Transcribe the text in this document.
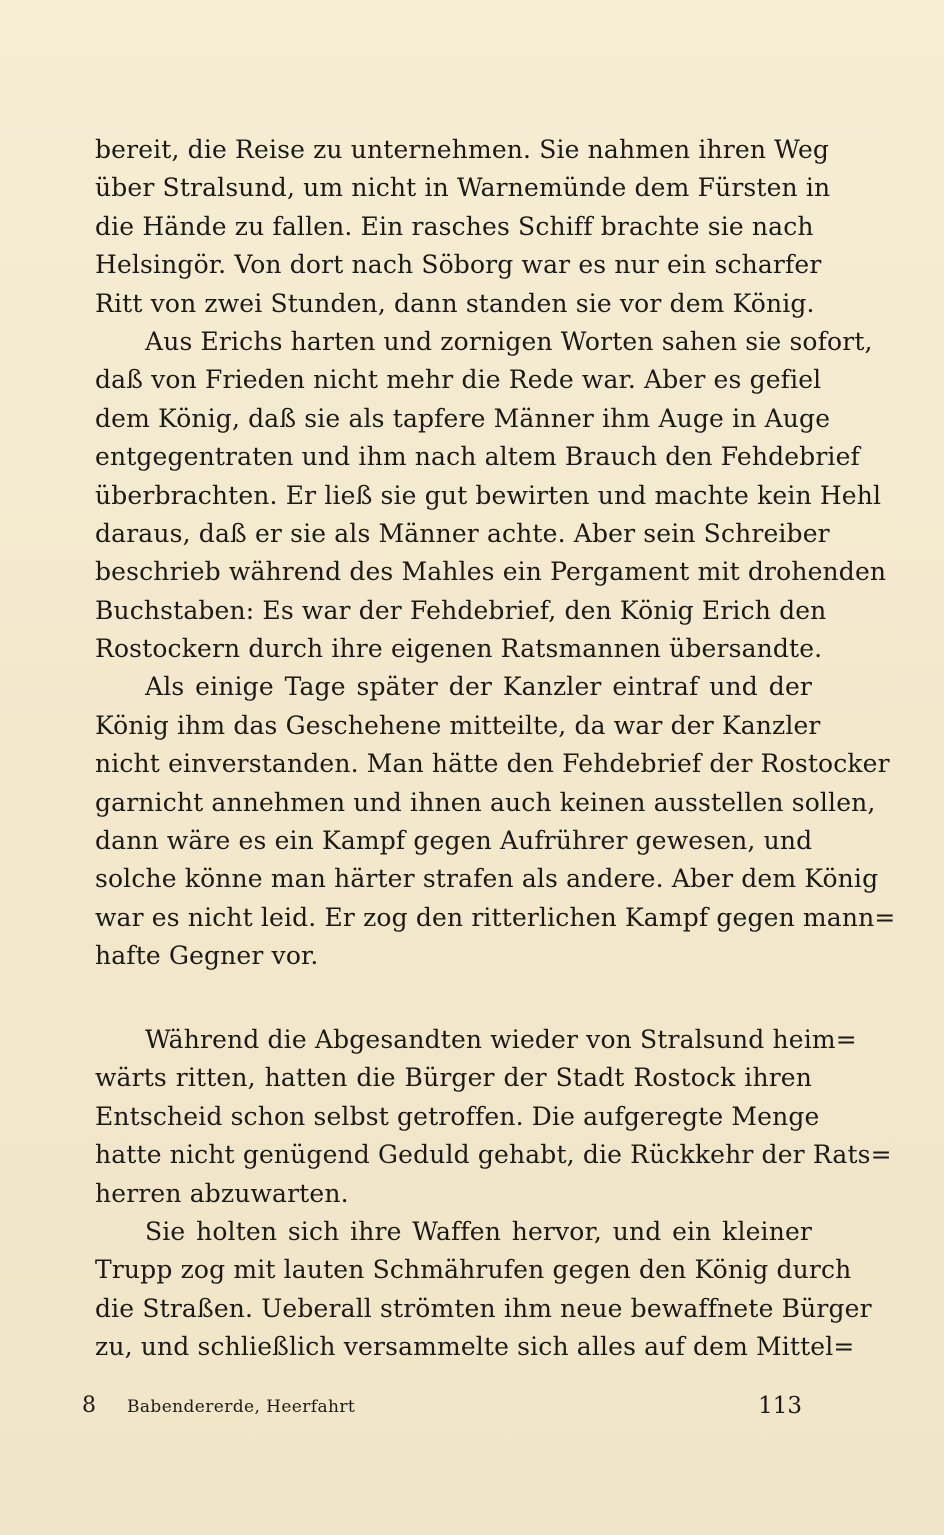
bereit, die Reise zu unternehmen. Sie nahmen ihren Weg
über Stralsund, um nicht in Warnemünde dem Fürsten in
die Hände zu fallen. Ein rasches Schiff brachte sie nach
Helsingör. Von dort nach Söborg war es nur ein scharfer
Ritt von zwei Stunden, dann standen sie vor dem König.
Aus Erichs harten und zornigen Worten sahen sie sofort,
daß von Frieden nicht mehr die Rede war. Aber es gefiel
dem König, daß sie als tapfere Männer ihm Auge in Auge
entgegentraten und ihm nach altem Brauch den Fehdebrief
überbrachten. Er ließ sie gut bewirten und machte kein Hehl
daraus, daß er sie als Männer achte. Aber sein Schreiber
beschrieb während des Mahles ein Pergament mit drohenden
Buchstaben: Es war der Fehdebrief, den König Erich den
Rostockern durch ihre eigenen Ratsmannen übersandte.
Als einige Tage später der Kanzler eintraf und der
König ihm das Geschehene mitteilte, da war der Kanzler
nicht einverstanden. Man hätte den Fehdebrief der Rostocker
garnicht annehmen und ihnen auch keinen ausstellen sollen,
dann wäre es ein Kampf gegen Aufrührer gewesen, und
solche könne man härter strafen als andere. Aber dem König
war es nicht leid. Er zog den ritterlichen Kampf gegen mann=
hafte Gegner vor.
Während die Abgesandten wieder von Stralsund heim=
wärts ritten, hatten die Bürger der Stadt Rostock ihren
Entscheid schon selbst getroffen. Die aufgeregte Menge
hatte nicht genügend Geduld gehabt, die Rückkehr der Rats=
herren abzuwarten.
Sie holten sich ihre Waffen hervor, und ein kleiner
Trupp zog mit lauten Schmährufen gegen den König durch
die Straßen. Ueberall strömten ihm neue bewaffnete Bürger
zu, und schließlich versammelte sich alles auf dem Mittel=
8 Babendererde, Heerfahrt	113
